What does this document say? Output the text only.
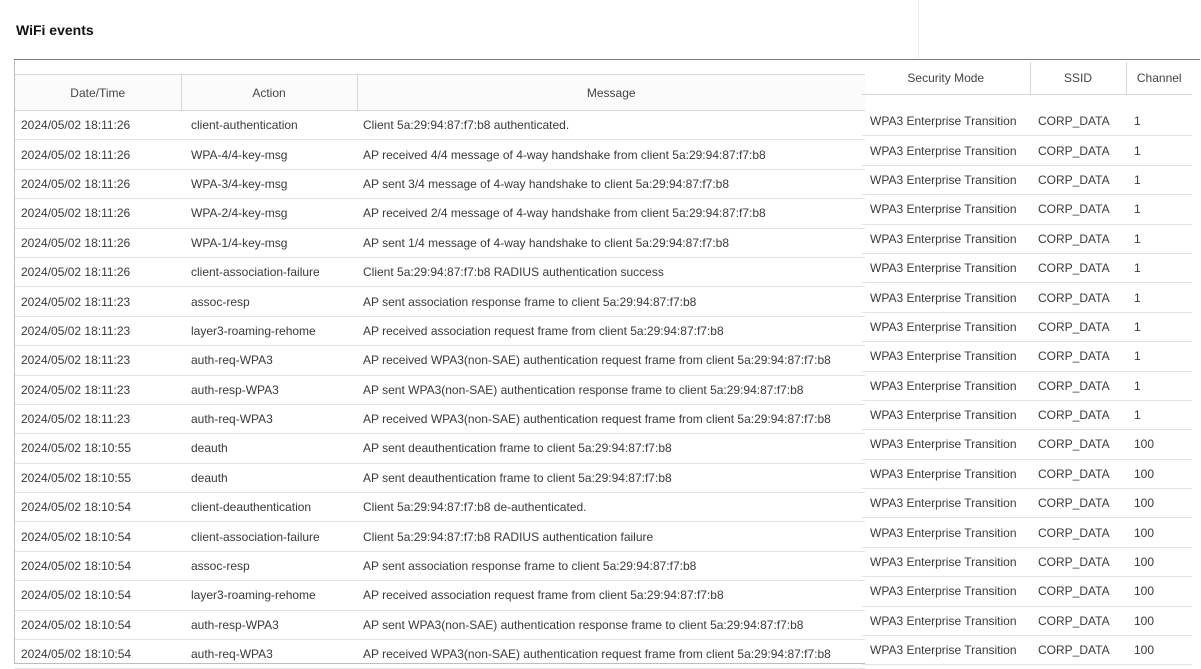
WiFi events
Date/Time	Action	Message
2024/05/02 18:11:26	client-authentication	Client 5a:29:94:87:f7:b8 authenticated.
2024/05/02 18:11:26	WPA-4/4-key-msg	AP received 4/4 message of 4-way handshake from client 5a:29:94:87:f7:b8
2024/05/02 18:11:26	WPA-3/4-key-msg	AP sent 3/4 message of 4-way handshake to client 5a:29:94:87:f7:b8
2024/05/02 18:11:26	WPA-2/4-key-msg	AP received 2/4 message of 4-way handshake from client 5a:29:94:87:f7:b8
2024/05/02 18:11:26	WPA-1/4-key-msg	AP sent 1/4 message of 4-way handshake to client 5a:29:94:87:f7:b8
2024/05/02 18:11:26	client-association-failure	Client 5a:29:94:87:f7:b8 RADIUS authentication success
2024/05/02 18:11:23	assoc-resp	AP sent association response frame to client 5a:29:94:87:f7:b8
2024/05/02 18:11:23	layer3-roaming-rehome	AP received association request frame from client 5a:29:94:87:f7:b8
2024/05/02 18:11:23	auth-req-WPA3	AP received WPA3(non-SAE) authentication request frame from client 5a:29:94:87:f7:b8
2024/05/02 18:11:23	auth-resp-WPA3	AP sent WPA3(non-SAE) authentication response frame to client 5a:29:94:87:f7:b8
2024/05/02 18:11:23	auth-req-WPA3	AP received WPA3(non-SAE) authentication request frame from client 5a:29:94:87:f7:b8
2024/05/02 18:10:55	deauth	AP sent deauthentication frame to client 5a:29:94:87:f7:b8
2024/05/02 18:10:55	deauth	AP sent deauthentication frame to client 5a:29:94:87:f7:b8
2024/05/02 18:10:54	client-deauthentication	Client 5a:29:94:87:f7:b8 de-authenticated.
2024/05/02 18:10:54	client-association-failure	Client 5a:29:94:87:f7:b8 RADIUS authentication failure
2024/05/02 18:10:54	assoc-resp	AP sent association response frame to client 5a:29:94:87:f7:b8
2024/05/02 18:10:54	layer3-roaming-rehome	AP received association request frame from client 5a:29:94:87:f7:b8
2024/05/02 18:10:54	auth-resp-WPA3	AP sent WPA3(non-SAE) authentication response frame to client 5a:29:94:87:f7:b8
2024/05/02 18:10:54	auth-req-WPA3	AP received WPA3(non-SAE) authentication request frame from client 5a:29:94:87:f7:b8
Security Mode	SSID	Channel

WPA3 Enterprise Transition	CORP_DATA	1
WPA3 Enterprise Transition	CORP_DATA	1
WPA3 Enterprise Transition	CORP_DATA	1
WPA3 Enterprise Transition	CORP_DATA	1
WPA3 Enterprise Transition	CORP_DATA	1
WPA3 Enterprise Transition	CORP_DATA	1
WPA3 Enterprise Transition	CORP_DATA	1
WPA3 Enterprise Transition	CORP_DATA	1
WPA3 Enterprise Transition	CORP_DATA	1
WPA3 Enterprise Transition	CORP_DATA	1
WPA3 Enterprise Transition	CORP_DATA	1
WPA3 Enterprise Transition	CORP_DATA	100
WPA3 Enterprise Transition	CORP_DATA	100
WPA3 Enterprise Transition	CORP_DATA	100
WPA3 Enterprise Transition	CORP_DATA	100
WPA3 Enterprise Transition	CORP_DATA	100
WPA3 Enterprise Transition	CORP_DATA	100
WPA3 Enterprise Transition	CORP_DATA	100
WPA3 Enterprise Transition	CORP_DATA	100
